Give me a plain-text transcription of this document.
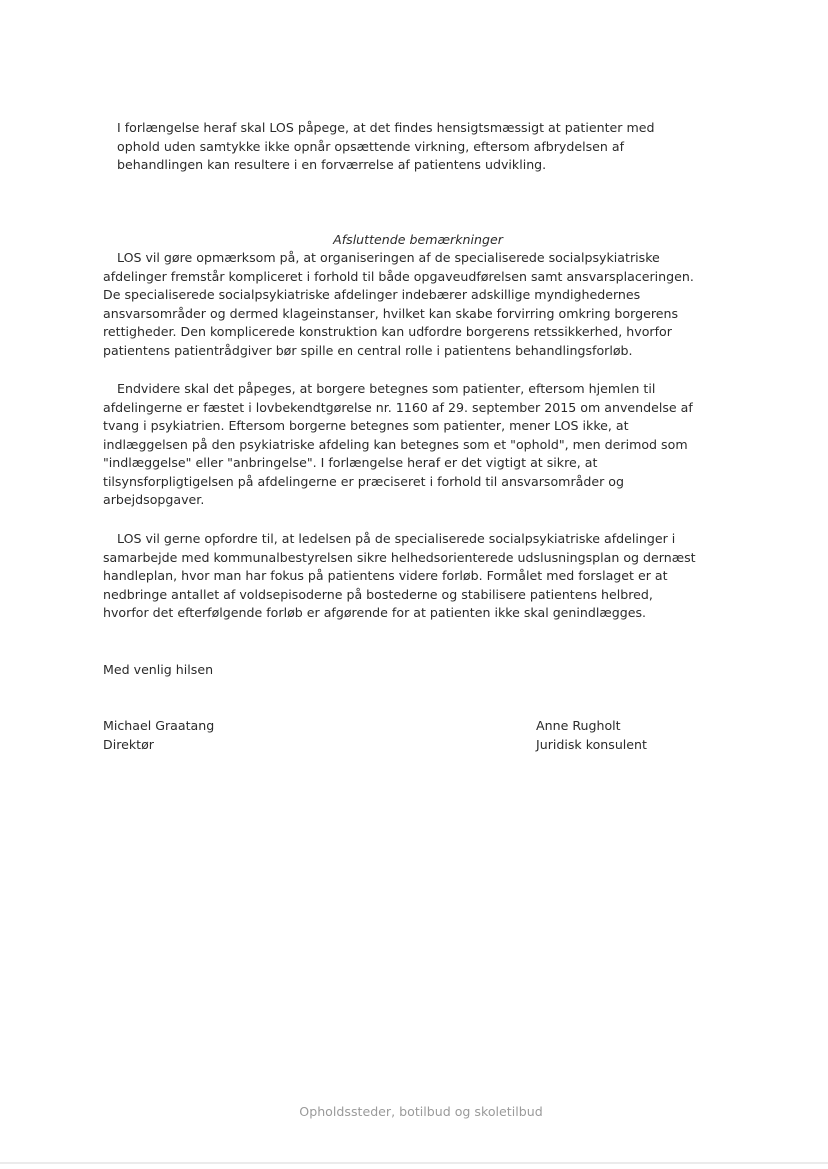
I forlængelse heraf skal LOS påpege, at det findes hensigtsmæssigt at patienter med
ophold uden samtykke ikke opnår opsættende virkning, eftersom afbrydelsen af
behandlingen kan resultere i en forværrelse af patientens udvikling.

Afsluttende bemærkninger

LOS vil gøre opmærksom på, at organiseringen af de specialiserede socialpsykiatriske
afdelinger fremstår kompliceret i forhold til både opgaveudførelsen samt ansvarsplaceringen.
De specialiserede socialpsykiatriske afdelinger indebærer adskillige myndighedernes
ansvarsområder og dermed klageinstanser, hvilket kan skabe forvirring omkring borgerens
rettigheder. Den komplicerede konstruktion kan udfordre borgerens retssikkerhed, hvorfor
patientens patientrådgiver bør spille en central rolle i patientens behandlingsforløb.

Endvidere skal det påpeges, at borgere betegnes som patienter, eftersom hjemlen til
afdelingerne er fæstet i lovbekendtgørelse nr. 1160 af 29. september 2015 om anvendelse af
tvang i psykiatrien. Eftersom borgerne betegnes som patienter, mener LOS ikke, at
indlæggelsen på den psykiatriske afdeling kan betegnes som et "ophold", men derimod som
"indlæggelse" eller "anbringelse". I forlængelse heraf er det vigtigt at sikre, at
tilsynsforpligtigelsen på afdelingerne er præciseret i forhold til ansvarsområder og
arbejdsopgaver.

LOS vil gerne opfordre til, at ledelsen på de specialiserede socialpsykiatriske afdelinger i
samarbejde med kommunalbestyrelsen sikre helhedsorienterede udslusningsplan og dernæst
handleplan, hvor man har fokus på patientens videre forløb. Formålet med forslaget er at
nedbringe antallet af voldsepisoderne på bostederne og stabilisere patientens helbred,
hvorfor det efterfølgende forløb er afgørende for at patienten ikke skal genindlægges.

Med venlig hilsen
Michael Graatang
Direktør
Anne Rugholt
Juridisk konsulent
Opholdssteder, botilbud og skoletilbud
